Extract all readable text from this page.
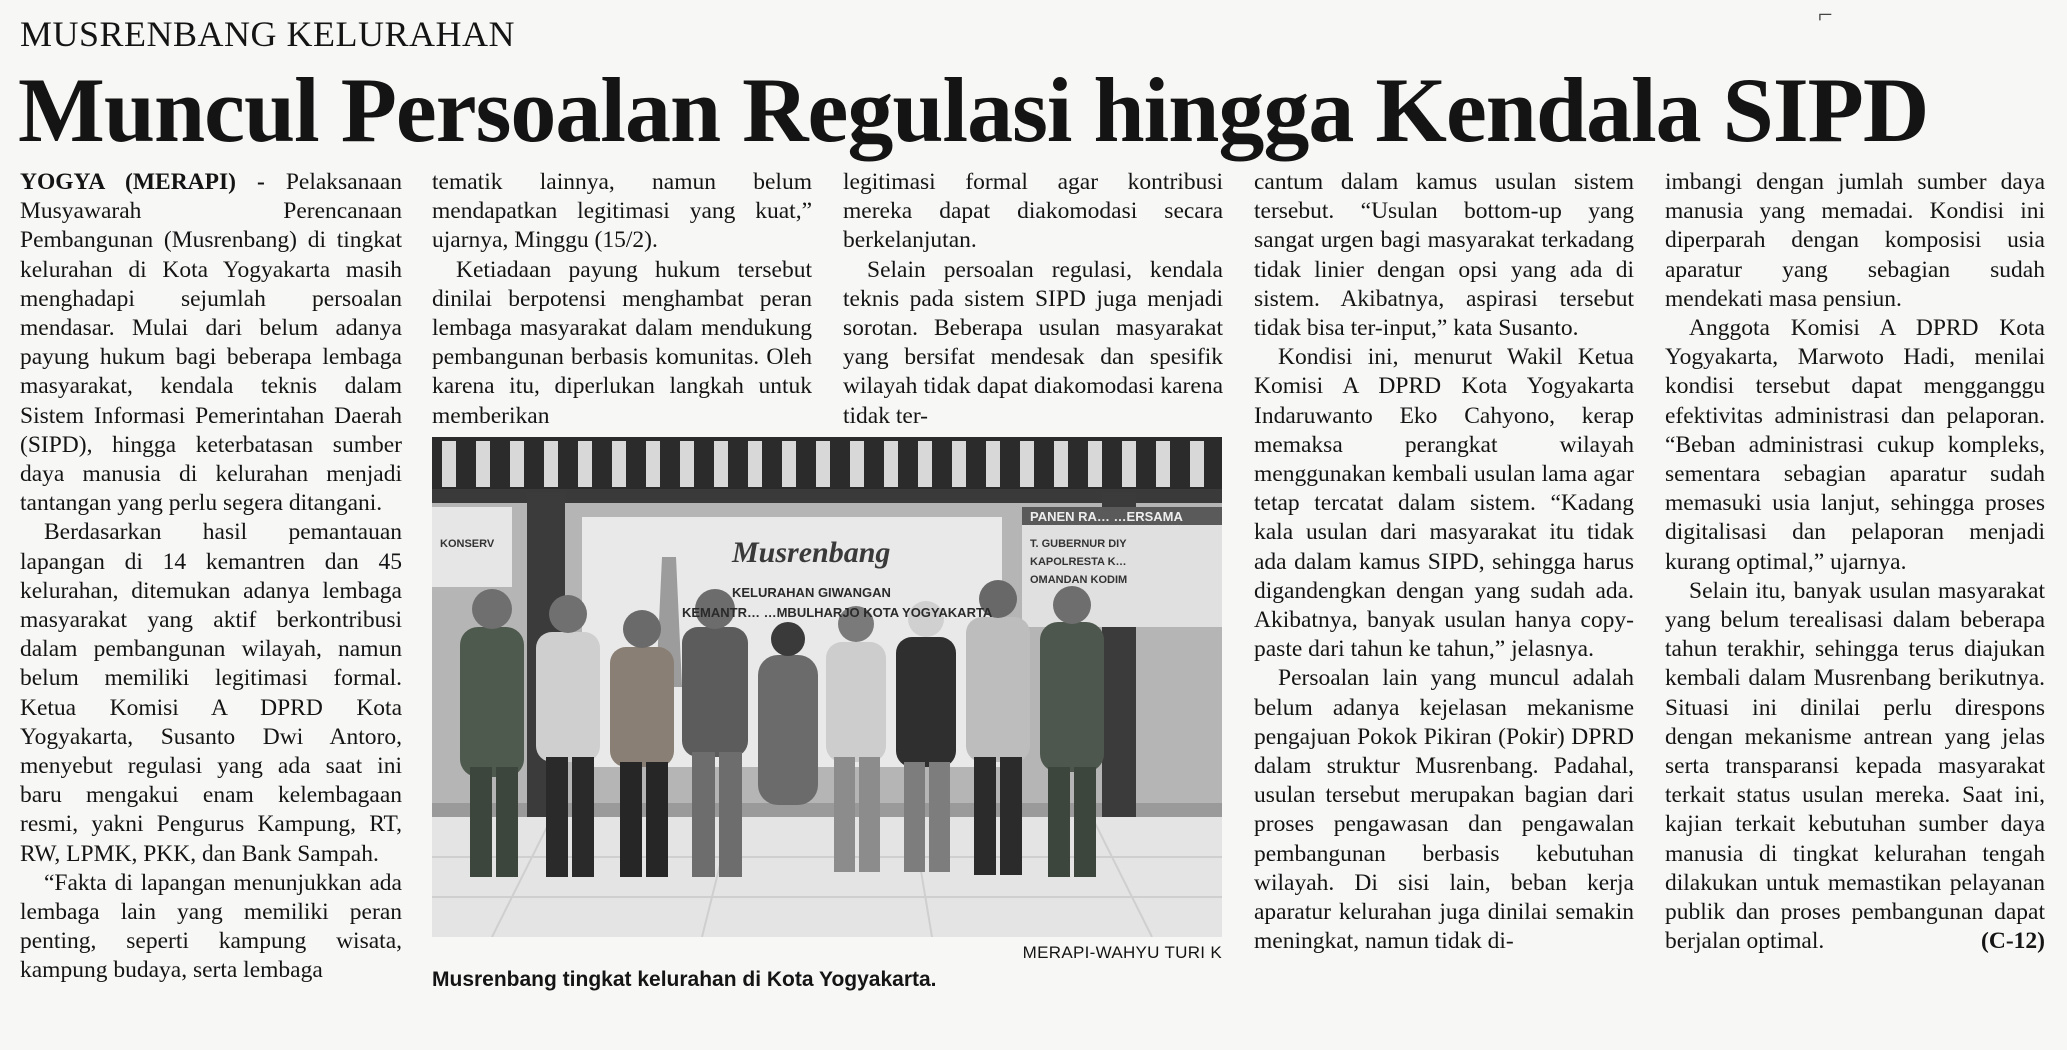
MUSRENBANG KELURAHAN
Muncul Persoalan Regulasi hingga Kendala SIPD
⌐

YOGYA (MERAPI) - Pelaksanaan Musyawarah Perencanaan Pembangunan (Musrenbang) di tingkat kelurahan di Kota Yogyakarta masih menghadapi sejumlah persoalan mendasar. Mulai dari belum adanya payung hukum bagi beberapa lembaga masyarakat, kendala teknis dalam Sistem Informasi Pemerintahan Daerah (SIPD), hingga keterbatasan sumber daya manusia di kelurahan menjadi tantangan yang perlu segera ditangani.

Berdasarkan hasil pemantauan lapangan di 14 kemantren dan 45 kelurahan, ditemukan adanya lembaga masyarakat yang aktif berkontribusi dalam pembangunan wilayah, namun belum memiliki legitimasi formal. Ketua Komisi A DPRD Kota Yogyakarta, Susanto Dwi Antoro, menyebut regulasi yang ada saat ini baru mengakui enam kelembagaan resmi, yakni Pengurus Kampung, RT, RW, LPMK, PKK, dan Bank Sampah.

“Fakta di lapangan menunjukkan ada lembaga lain yang memiliki peran penting, seperti kampung wisata, kampung budaya, serta lembaga

tematik lainnya, namun belum mendapatkan legitimasi yang kuat,” ujarnya, Minggu (15/2).

Ketiadaan payung hukum tersebut dinilai berpotensi menghambat peran lembaga masyarakat dalam mendukung pembangunan berbasis komunitas. Oleh karena itu, diperlukan langkah untuk memberikan

legitimasi formal agar kontribusi mereka dapat diakomodasi secara berkelanjutan.

Selain persoalan regulasi, kendala teknis pada sistem SIPD juga menjadi sorotan. Beberapa usulan masyarakat yang bersifat mendesak dan spesifik wilayah tidak dapat diakomodasi karena tidak ter-

cantum dalam kamus usulan sistem tersebut. “Usulan bottom-up yang sangat urgen bagi masyarakat terkadang tidak linier dengan opsi yang ada di sistem. Akibatnya, aspirasi tersebut tidak bisa ter-input,” kata Susanto.

Kondisi ini, menurut Wakil Ketua Komisi A DPRD Kota Yogyakarta Indaruwanto Eko Cahyono, kerap memaksa perangkat wilayah menggunakan kembali usulan lama agar tetap tercatat dalam sistem. “Kadang kala usulan dari masyarakat itu tidak ada dalam kamus SIPD, sehingga harus digandengkan dengan yang sudah ada. Akibatnya, banyak usulan hanya copy-paste dari tahun ke tahun,” jelasnya.

Persoalan lain yang muncul adalah belum adanya kejelasan mekanisme pengajuan Pokok Pikiran (Pokir) DPRD dalam struktur Musrenbang. Padahal, usulan tersebut merupakan bagian dari proses pengawasan dan pengawalan pembangunan berbasis kebutuhan wilayah. Di sisi lain, beban kerja aparatur kelurahan juga dinilai semakin meningkat, namun tidak di-

imbangi dengan jumlah sumber daya manusia yang memadai. Kondisi ini diperparah dengan komposisi usia aparatur yang sebagian sudah mendekati masa pensiun.

Anggota Komisi A DPRD Kota Yogyakarta, Marwoto Hadi, menilai kondisi tersebut dapat mengganggu efektivitas administrasi dan pelaporan. “Beban administrasi cukup kompleks, sementara sebagian aparatur sudah memasuki usia lanjut, sehingga proses digitalisasi dan pelaporan menjadi kurang optimal,” ujarnya.

Selain itu, banyak usulan masyarakat yang belum terealisasi dalam beberapa tahun terakhir, sehingga terus diajukan kembali dalam Musrenbang berikutnya. Situasi ini dinilai perlu direspons dengan mekanisme antrean yang jelas serta transparansi kepada masyarakat terkait status usulan mereka. Saat ini, kajian terkait kebutuhan sumber daya manusia di tingkat kelurahan tengah dilakukan untuk memastikan pelayanan publik dan proses pembangunan dapat berjalan optimal.	(C-12)

Musrenbang
KELURAHAN GIWANGAN
KEMANTR… …MBULHARJO KOTA YOGYAKARTA
PANEN RA… …ERSAMA
T. GUBERNUR DIY
KAPOLRESTA K…
OMANDAN KODIM
KONSERV
MERAPI-WAHYU TURI K
Musrenbang tingkat kelurahan di Kota Yogyakarta.
